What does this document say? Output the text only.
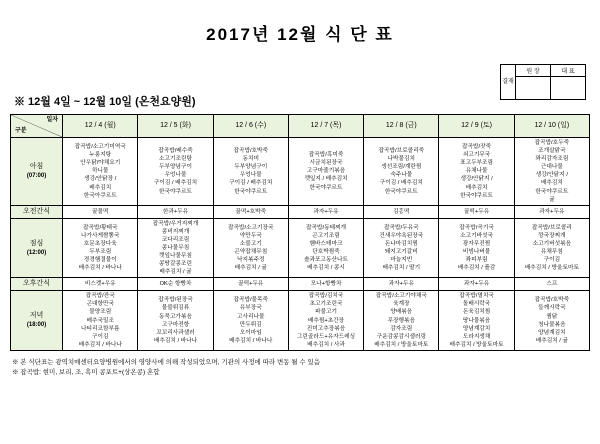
2017년 12월 식 단 표
결재
원 장	대 표
※ 12월 4일 ~ 12월 10일 (온천요양원)
일자
구분	12 / 4 (월)	12 / 5 (화)	12 / 6 (수)	12 / 7 (목)	12 / 8 (금)	12 / 9 (토)	12 / 10 (일)
아침
(07:00)
	잡곡밥/소고기미역국
누룽지탕
안우닭/야채요기
하니물
생강/안닭장 /
배추김치
한국아쿠르트	잡곡밥/배수죽
소고기조린탕
두부양념구이
우엉나물
구이김 / 배추김치
한국야쿠르트	잡곡밥/호박죽
동치미
두부양념구이
우엉나물
구이김 / 배추김치
한국야쿠르트	잡곡밥/흑미죽
시금치된장국
고구마줄기볶음
깻잎지 / 배추김치
한국야쿠르트	잡곡밥/브로콜리죽
나박물김치
생선조림/계란찜
숙주나물
구이김 / 배추김치
한국야쿠르트	잡곡밥/잣죽
쇠고기무국
표고두부조림
유채나물
생강/안닭지 /
배추김치
한국야쿠르트	잡곡밥/호두죽
조개살맑국
꽈리감자조림
근대나물
생강/안닭지 /
배추김치
한국야쿠르트
귤
오전간식	꿀물떡	한과+두유	꿀떡+호박죽	과자+두유	김홍떡	꿀떡+두유	과자+두유
점심
(12:00)
	잡곡밥/황태국
나가사게짬뽕국
호문초장다육
두부조림
경경햄결물이
배추김치 / 바나나	잡곡밥/우거지찌개
콩비지찌개
코다리조림
콩나물무침
깻잎나물무침
콩땅갈콩조린
배추김치 / 귤	잡곡밥/소고기장국
약만두국
소불고기
곤약잡채무침
낙지볶주정
배추김치 / 귤	잡곡밥/동태찌개
곤고기조림
햄바스테마크
단호박찜죽
솔과포고동산나트
배추김치 / 콩시	잡곡밥/두유국
건새우야욕된장국
돈나마김치찜
돼지고기갈비
마늘지빈
배추김치 / 딸기	잡곡밥/곡기국
소고기바섯국
광자무진찜
비빔나버물
꽈피부림
배추김치 / 플감	잡곡밥/브로콜리
깡국장찌개
소고기버섯볶음
유채무침
구이김
배추김치 / 방울토마토
오후간식	비스켓+우유	OK순 항빵차	꿀떡+두유	모나+항빵차	과자+두유	과자+두유	스프
저녁
(18:00)
	잡곡밥/잔국
곤대항만국
물양조림
배추국밀조
나티리코함부름
구이김
배추김치 / 바나나	잡곡밥/된장국
물불튀김류
동묵고가볶음
고구마전항
꼬꼬리사과샐러
배추김치 / 바나나	잡곡밥/물목죽
유부장국
고사리나물
만두튀김
오이마임
배추김치 / 바나나	잡곡밥/김치국
초고기조린국
파불고기
배추찜+초간장
진미고추장볶음
그린골라드+유자드레싱
배추김치 / 사과	잡곡밥/소고기야채국
육계장
양배볶음
무장행볶음
감자조림
구운감콩감시샐러링
배추김치 / 방울토마토	잡곡밥/멸치국
돌배시락국
돈육김치찜
땅나물볶음
양념계감치
도라지생채
배추김치 / 방울토마토	잡곡밥/호박죽
들깨시락국
찜닭
청나물볶음
양념계김치
배추김치 / 귤
※ 본 식단표는 광역치매센터요양병원에서의 영양사에 의해 작성되었으며, 기관의 사정에 따라 변동 될 수 있음
※ 잡곡밥: 현미, 보리, 조, 흑미 콩포트+(상온콩) 혼합
